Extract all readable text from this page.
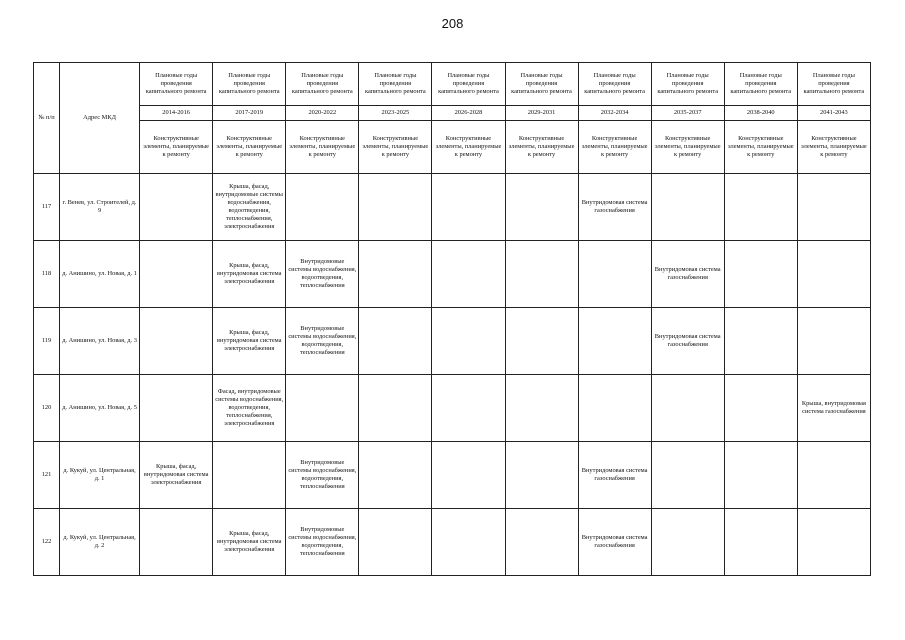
208
№ п/п	Адрес МКД	Плановые годы проведения капитального ремонта	Плановые годы проведения капитального ремонта	Плановые годы проведения капитального ремонта	Плановые годы проведения капитального ремонта	Плановые годы проведения капитального ремонта	Плановые годы проведения капитального ремонта	Плановые годы проведения капитального ремонта	Плановые годы проведения капитального ремонта	Плановые годы проведения капитального ремонта	Плановые годы проведения капитального ремонта
		2014-2016	2017-2019	2020-2022	2023-2025	2026-2028	2029-2031	2032-2034	2035-2037	2038-2040	2041-2043
		Конструктивные элементы, планируемые к ремонту	Конструктивные элементы, планируемые к ремонту	Конструктивные элементы, планируемые к ремонту	Конструктивные элементы, планируемые к ремонту	Конструктивные элементы, планируемые к ремонту	Конструктивные элементы, планируемые к ремонту	Конструктивные элементы, планируемые к ремонту	Конструктивные элементы, планируемые к ремонту	Конструктивные элементы, планируемые к ремонту	Конструктивные элементы, планируемые к ремонту
117	г. Венев, ул. Строителей, д. 9		Крыша, фасад, внутридомовые системы водоснабжения, водоотведения, теплоснабжения, электроснабжения					Внутридомовая система газоснабжения			
118	д. Анишино, ул. Новая, д. 1		Крыша, фасад, внутридомовая система электроснабжения	Внутридомовые системы водоснабжения, водоотведения, теплоснабжения					Внутридомовая система газоснабжения		
119	д. Анишино, ул. Новая, д. 3		Крыша, фасад, внутридомовая система электроснабжения	Внутридомовые системы водоснабжения, водоотведения, теплоснабжения					Внутридомовая система газоснабжения		
120	д. Анишино, ул. Новая, д. 5		Фасад, внутридомовые системы водоснабжения, водоотведения, теплоснабжения, электроснабжения								Крыша, внутридомовая система газоснабжения
121	д. Кукуй, ул. Центральная, д. 1	Крыша, фасад, внутридомовая система электроснабжения		Внутридомовые системы водоснабжения, водоотведения, теплоснабжения				Внутридомовая система газоснабжения			
122	д. Кукуй, ул. Центральная, д. 2		Крыша, фасад, внутридомовая система электроснабжения	Внутридомовые системы водоснабжения, водоотведения, теплоснабжения				Внутридомовая система газоснабжения			
